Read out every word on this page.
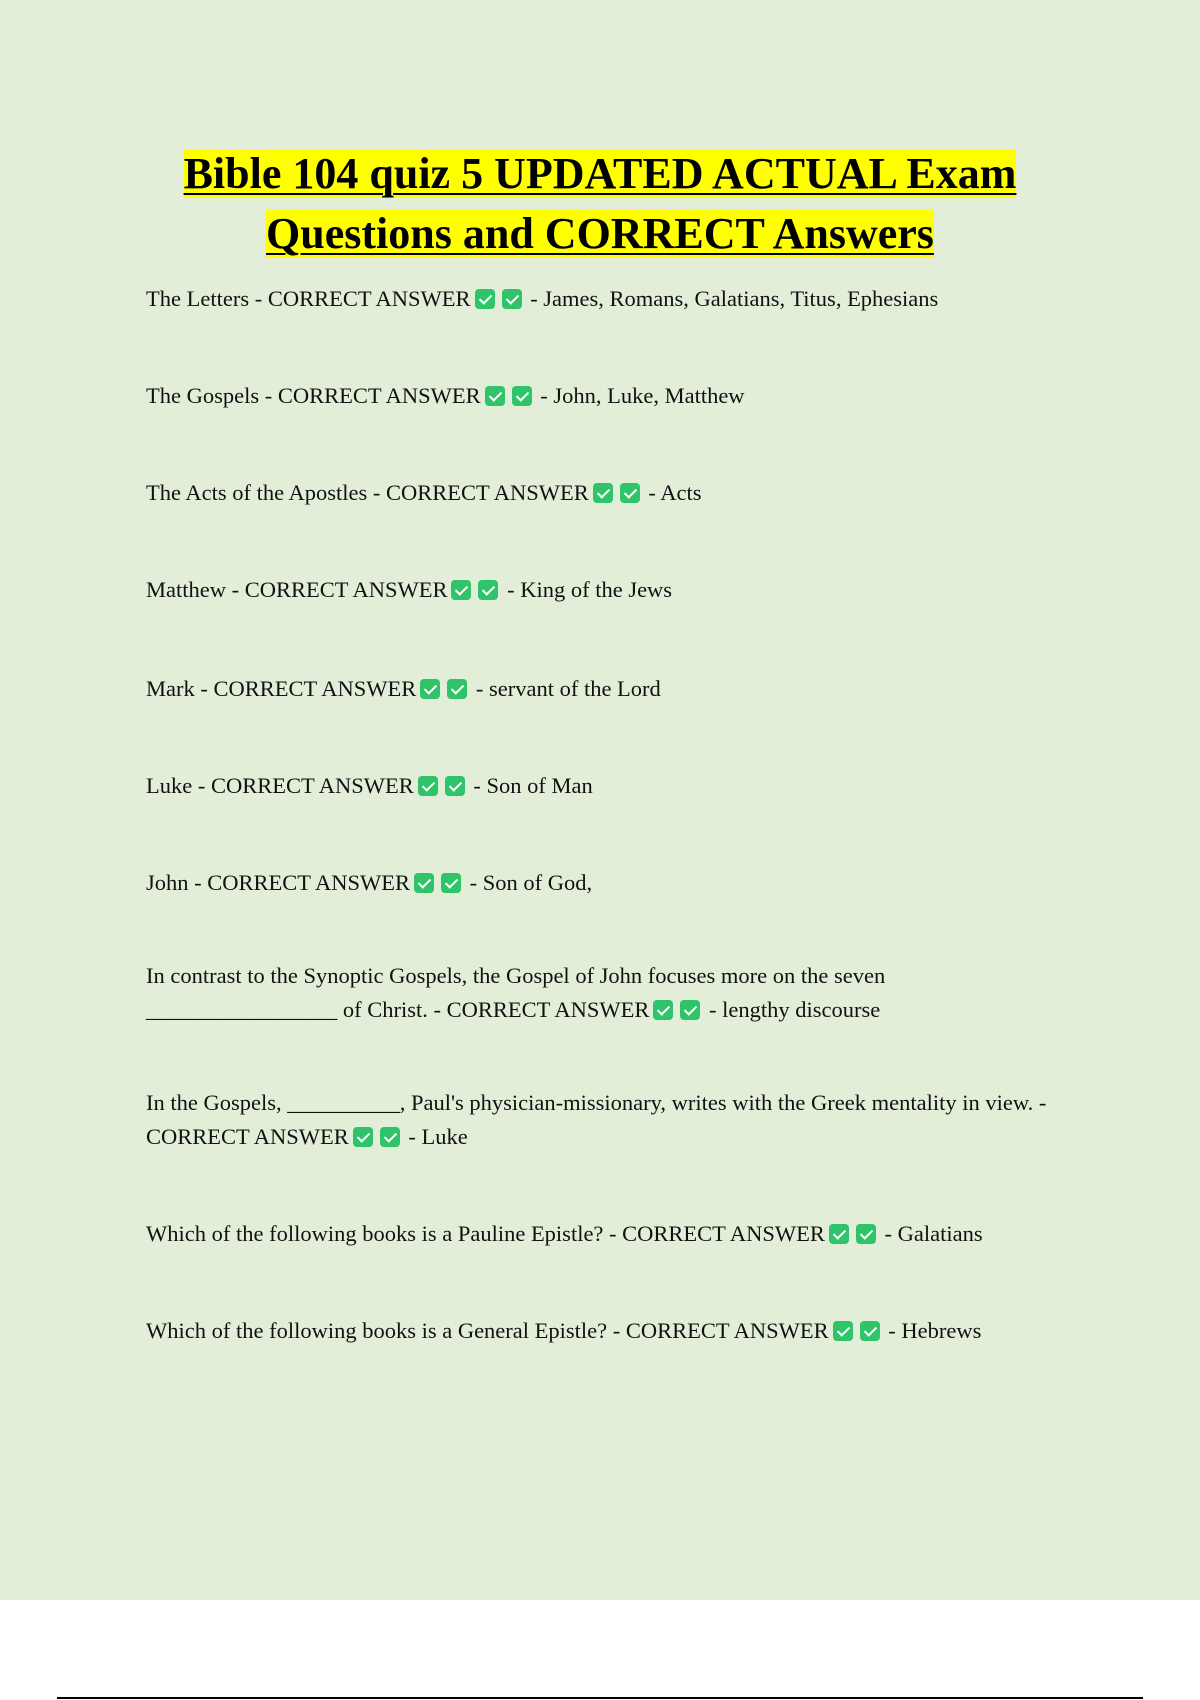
Bible 104 quiz 5 UPDATED ACTUAL Exam
Questions and CORRECT Answers

The Letters - CORRECT ANSWER	- James, Romans, Galatians, Titus, Ephesians

The Gospels - CORRECT ANSWER	- John, Luke, Matthew

The Acts of the Apostles - CORRECT ANSWER	- Acts

Matthew - CORRECT ANSWER	- King of the Jews

Mark - CORRECT ANSWER	- servant of the Lord

Luke - CORRECT ANSWER	- Son of Man

John - CORRECT ANSWER	- Son of God,

In contrast to the Synoptic Gospels, the Gospel of John focuses more on the seven _________________ of Christ. - CORRECT ANSWER	- lengthy discourse

In the Gospels, __________, Paul's physician-missionary, writes with the Greek mentality in view. - CORRECT ANSWER	- Luke

Which of the following books is a Pauline Epistle? - CORRECT ANSWER	- Galatians

Which of the following books is a General Epistle? - CORRECT ANSWER	- Hebrews
